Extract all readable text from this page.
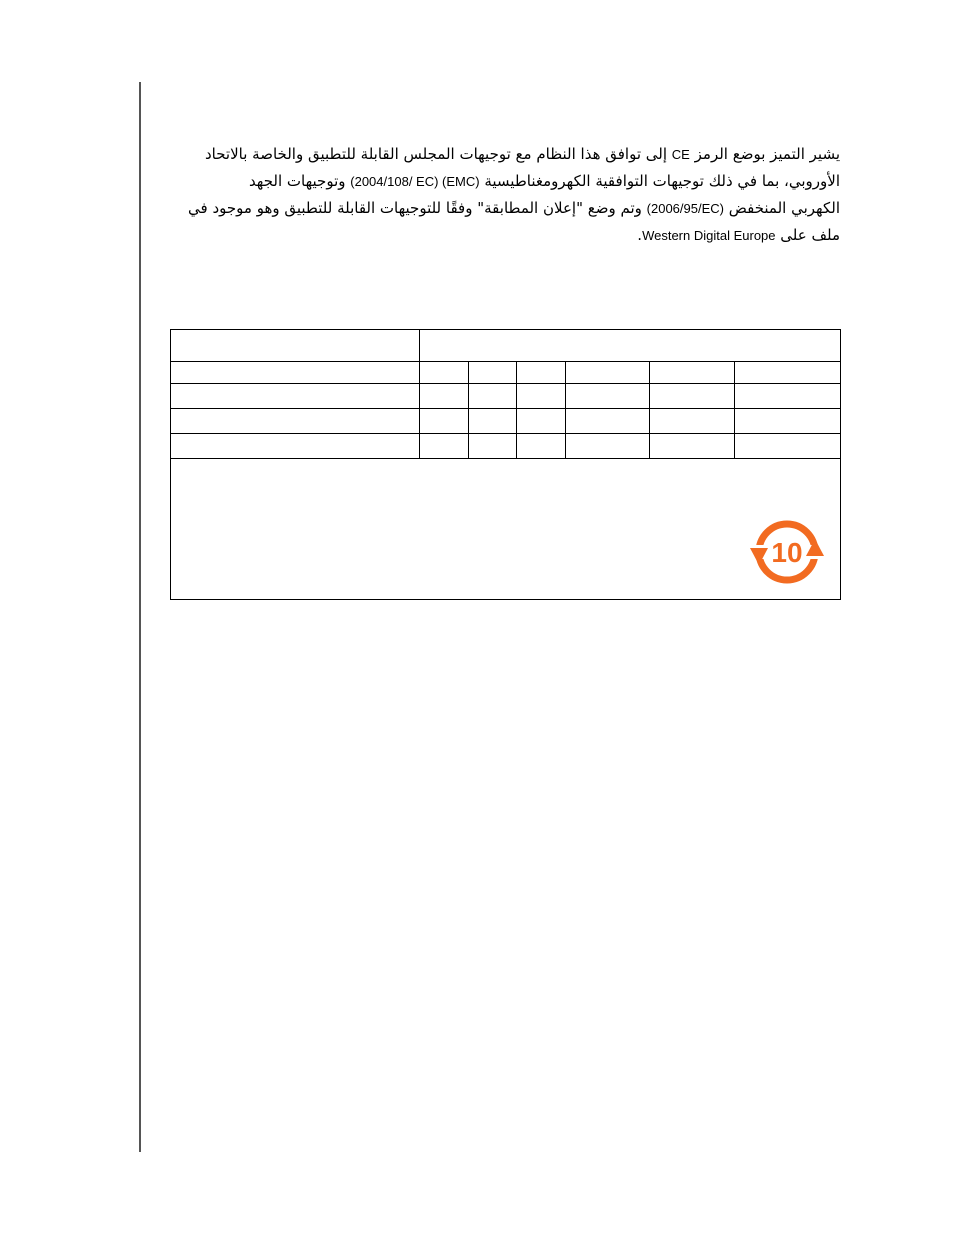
يشير التميز بوضع الرمز CE إلى توافق هذا النظام مع توجيهات المجلس القابلة للتطبيق والخاصة بالاتحاد
الأوروبي، بما في ذلك توجيهات التوافقية الكهرومغناطيسية (2004/108/ EC) (EMC) وتوجيهات الجهد
الكهربي المنخفض (2006/95/EC) وتم وضع "إعلان المطابقة" وفقًا للتوجيهات القابلة للتطبيق وهو موجود في
ملف على Western Digital Europe.

10						
